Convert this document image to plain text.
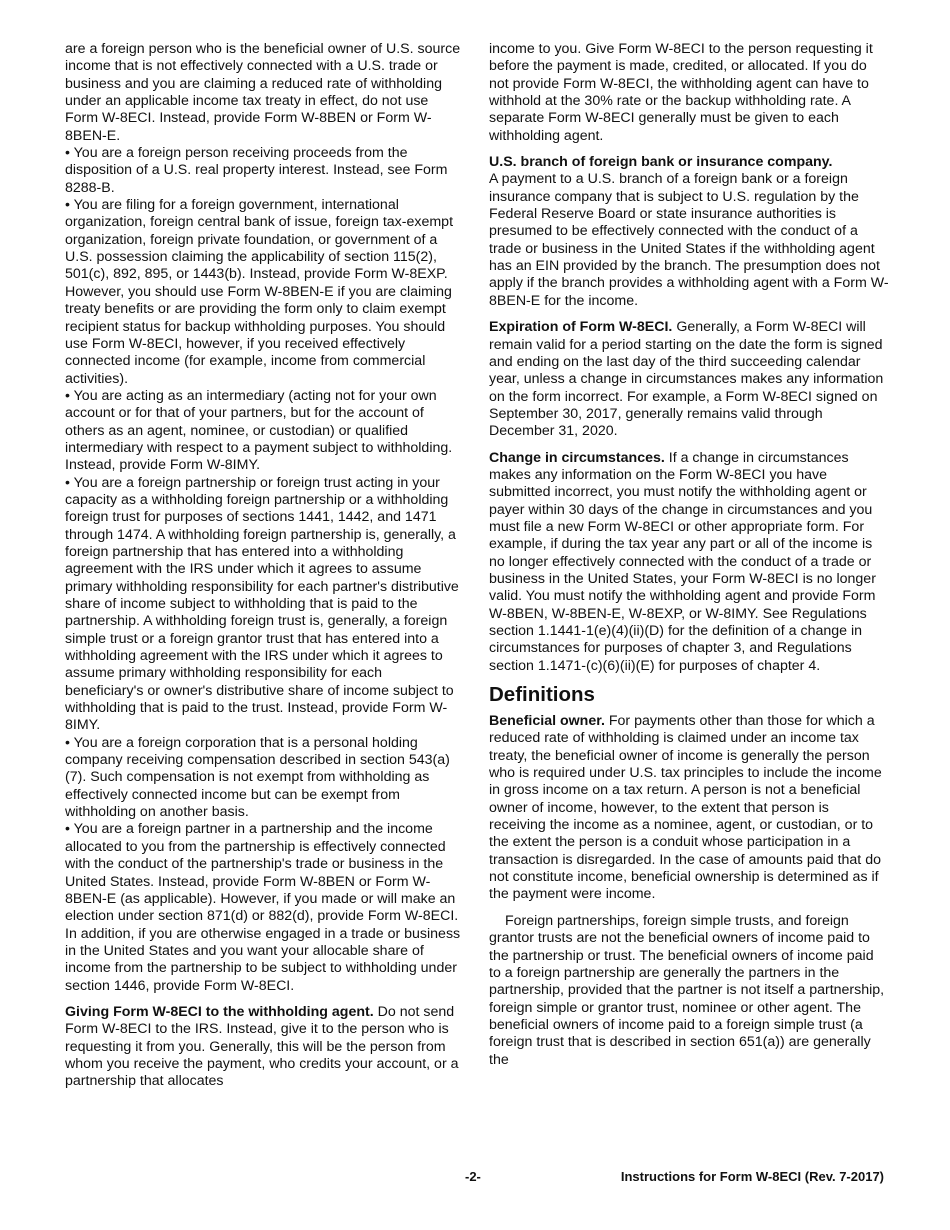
are a foreign person who is the beneficial owner of U.S. source income that is not effectively connected with a U.S. trade or business and you are claiming a reduced rate of withholding under an applicable income tax treaty in effect, do not use Form W-8ECI. Instead, provide Form W-8BEN or Form W-8BEN-E.

• You are a foreign person receiving proceeds from the disposition of a U.S. real property interest. Instead, see Form 8288-B.

• You are filing for a foreign government, international organization, foreign central bank of issue, foreign tax-exempt organization, foreign private foundation, or government of a U.S. possession claiming the applicability of section 115(2), 501(c), 892, 895, or 1443(b). Instead, provide Form W-8EXP. However, you should use Form W-8BEN-E if you are claiming treaty benefits or are providing the form only to claim exempt recipient status for backup withholding purposes. You should use Form W-8ECI, however, if you received effectively connected income (for example, income from commercial activities).

• You are acting as an intermediary (acting not for your own account or for that of your partners, but for the account of others as an agent, nominee, or custodian) or qualified intermediary with respect to a payment subject to withholding. Instead, provide Form W-8IMY.

• You are a foreign partnership or foreign trust acting in your capacity as a withholding foreign partnership or a withholding foreign trust for purposes of sections 1441, 1442, and 1471 through 1474. A withholding foreign partnership is, generally, a foreign partnership that has entered into a withholding agreement with the IRS under which it agrees to assume primary withholding responsibility for each partner's distributive share of income subject to withholding that is paid to the partnership. A withholding foreign trust is, generally, a foreign simple trust or a foreign grantor trust that has entered into a withholding agreement with the IRS under which it agrees to assume primary withholding responsibility for each beneficiary's or owner's distributive share of income subject to withholding that is paid to the trust. Instead, provide Form W-8IMY.

• You are a foreign corporation that is a personal holding company receiving compensation described in section 543(a)(7). Such compensation is not exempt from withholding as effectively connected income but can be exempt from withholding on another basis.

• You are a foreign partner in a partnership and the income allocated to you from the partnership is effectively connected with the conduct of the partnership's trade or business in the United States. Instead, provide Form W-8BEN or Form W-8BEN-E (as applicable). However, if you made or will make an election under section 871(d) or 882(d), provide Form W-8ECI. In addition, if you are otherwise engaged in a trade or business in the United States and you want your allocable share of income from the partnership to be subject to withholding under section 1446, provide Form W-8ECI.

Giving Form W-8ECI to the withholding agent. Do not send Form W-8ECI to the IRS. Instead, give it to the person who is requesting it from you. Generally, this will be the person from whom you receive the payment, who credits your account, or a partnership that allocates

income to you. Give Form W-8ECI to the person requesting it before the payment is made, credited, or allocated. If you do not provide Form W-8ECI, the withholding agent can have to withhold at the 30% rate or the backup withholding rate. A separate Form W-8ECI generally must be given to each withholding agent.

U.S. branch of foreign bank or insurance company.

A payment to a U.S. branch of a foreign bank or a foreign insurance company that is subject to U.S. regulation by the Federal Reserve Board or state insurance authorities is presumed to be effectively connected with the conduct of a trade or business in the United States if the withholding agent has an EIN provided by the branch. The presumption does not apply if the branch provides a withholding agent with a Form W-8BEN-E for the income.

Expiration of Form W-8ECI. Generally, a Form W-8ECI will remain valid for a period starting on the date the form is signed and ending on the last day of the third succeeding calendar year, unless a change in circumstances makes any information on the form incorrect. For example, a Form W-8ECI signed on September 30, 2017, generally remains valid through December 31, 2020.

Change in circumstances. If a change in circumstances makes any information on the Form W-8ECI you have submitted incorrect, you must notify the withholding agent or payer within 30 days of the change in circumstances and you must file a new Form W-8ECI or other appropriate form. For example, if during the tax year any part or all of the income is no longer effectively connected with the conduct of a trade or business in the United States, your Form W-8ECI is no longer valid. You must notify the withholding agent and provide Form W-8BEN, W-8BEN-E, W-8EXP, or W-8IMY. See Regulations section 1.1441-1(e)(4)(ii)(D) for the definition of a change in circumstances for purposes of chapter 3, and Regulations section 1.1471-(c)(6)(ii)(E) for purposes of chapter 4.

Definitions

Beneficial owner. For payments other than those for which a reduced rate of withholding is claimed under an income tax treaty, the beneficial owner of income is generally the person who is required under U.S. tax principles to include the income in gross income on a tax return. A person is not a beneficial owner of income, however, to the extent that person is receiving the income as a nominee, agent, or custodian, or to the extent the person is a conduit whose participation in a transaction is disregarded. In the case of amounts paid that do not constitute income, beneficial ownership is determined as if the payment were income.

Foreign partnerships, foreign simple trusts, and foreign grantor trusts are not the beneficial owners of income paid to the partnership or trust. The beneficial owners of income paid to a foreign partnership are generally the partners in the partnership, provided that the partner is not itself a partnership, foreign simple or grantor trust, nominee or other agent. The beneficial owners of income paid to a foreign simple trust (a foreign trust that is described in section 651(a)) are generally the

-2-	Instructions for Form W-8ECI (Rev. 7-2017)
